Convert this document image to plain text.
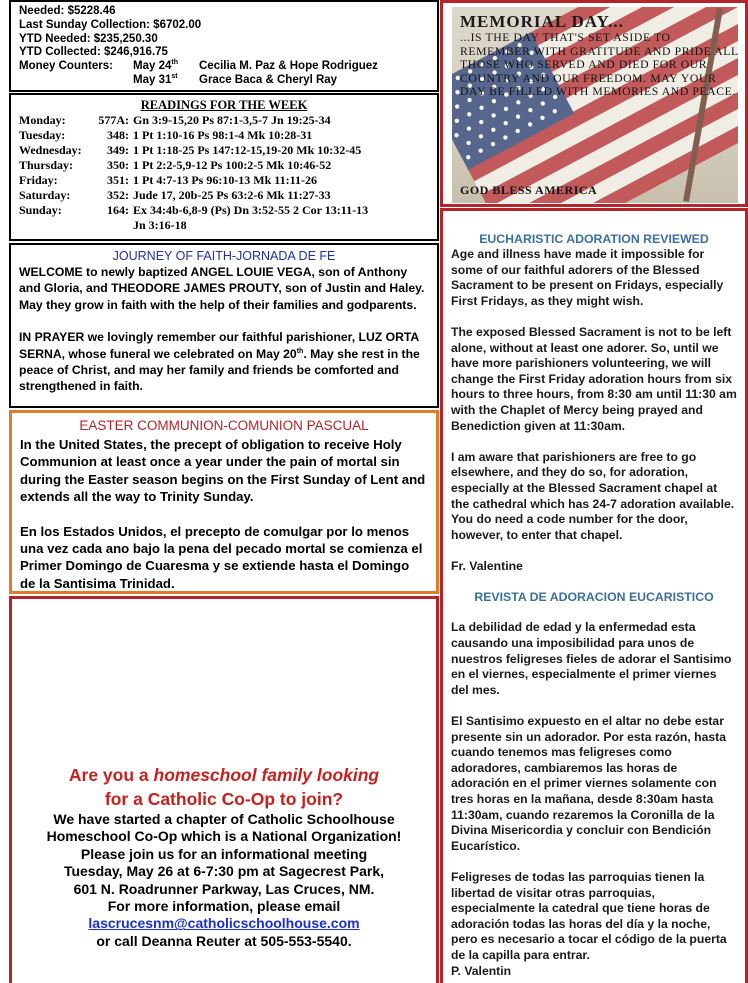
Needed: $5228.46
Last Sunday Collection: $6702.00
YTD Needed: $235,250.30
YTD Collected: $246,916.75
Money Counters:	May 24th	Cecilia M. Paz & Hope Rodriguez
May 31st	Grace Baca & Cheryl Ray
READINGS FOR THE WEEK
Monday:	577A: Gn 3:9-15,20 Ps 87:1-3,5-7 Jn 19:25-34
Tuesday:	348: 1 Pt 1:10-16 Ps 98:1-4 Mk 10:28-31
Wednesday:	349: 1 Pt 1:18-25 Ps 147:12-15,19-20 Mk 10:32-45
Thursday:	350: 1 Pt 2:2-5,9-12 Ps 100:2-5 Mk 10:46-52
Friday:	351: 1 Pt 4:7-13 Ps 96:10-13 Mk 11:11-26
Saturday:	352: Jude 17, 20b-25 Ps 63:2-6 Mk 11:27-33
Sunday:	164: Ex 34:4b-6,8-9 (Ps) Dn 3:52-55 2 Cor 13:11-13
Jn 3:16-18
JOURNEY OF FAITH-JORNADA DE FE

WELCOME to newly baptized ANGEL LOUIE VEGA, son of Anthony and Gloria, and THEODORE JAMES PROUTY, son of Justin and Haley. May they grow in faith with the help of their families and godparents.

IN PRAYER we lovingly remember our faithful parishioner, LUZ ORTA SERNA, whose funeral we celebrated on May 20th. May she rest in the peace of Christ, and may her family and friends be comforted and strengthened in faith.

EASTER COMMUNION-COMUNION PASCUAL

In the United States, the precept of obligation to receive Holy Communion at least once a year under the pain of mortal sin during the Easter season begins on the First Sunday of Lent and extends all the way to Trinity Sunday.

En los Estados Unidos, el precepto de comulgar por lo menos una vez cada ano bajo la pena del pecado mortal se comienza el Primer Domingo de Cuaresma y se extiende hasta el Domingo de la Santisima Trinidad.

Are you a homeschool family looking
for a Catholic Co-Op to join?
We have started a chapter of Catholic Schoolhouse
Homeschool Co-Op which is a National Organization!
Please join us for an informational meeting
Tuesday, May 26 at 6-7:30 pm at Sagecrest Park,
601 N. Roadrunner Parkway, Las Cruces, NM.
For more information, please email
lascrucesnm@catholicschoolhouse.com
or call Deanna Reuter at 505-553-5540.
MEMORIAL DAY...
...IS THE DAY THAT'S SET ASIDE TO REMEMBER WITH GRATITUDE AND PRIDE ALL THOSE WHO SERVED AND DIED FOR OUR COUNTRY AND OUR FREEDOM. MAY YOUR DAY BE FILLED WITH MEMORIES AND PEACE.
GOD BLESS AMERICA
EUCHARISTIC ADORATION REVIEWED

Age and illness have made it impossible for some of our faithful adorers of the Blessed Sacrament to be present on Fridays, especially First Fridays, as they might wish.

The exposed Blessed Sacrament is not to be left alone, without at least one adorer. So, until we have more parishioners volunteering, we will change the First Friday adoration hours from six hours to three hours, from 8:30 am until 11:30 am with the Chaplet of Mercy being prayed and Benediction given at 11:30am.

I am aware that parishioners are free to go elsewhere, and they do so, for adoration, especially at the Blessed Sacrament chapel at the cathedral which has 24-7 adoration available. You do need a code number for the door, however, to enter that chapel.

Fr. Valentine

REVISTA DE ADORACION EUCARISTICO

La debilidad de edad y la enfermedad esta causando una imposibilidad para unos de nuestros feligreses fieles de adorar el Santisimo en el viernes, especialmente el primer viernes del mes.

El Santisimo expuesto en el altar no debe estar presente sin un adorador. Por esta razón, hasta cuando tenemos mas feligreses como adoradores, cambiaremos las horas de adoración en el primer viernes solamente con tres horas en la mañana, desde 8:30am hasta 11:30am, cuando rezaremos la Coronilla de la Divina Misericordia y concluir con Bendición Eucarístico.

Feligreses de todas las parroquias tienen la libertad de visitar otras parroquias, especialmente la catedral que tiene horas de adoración todas las horas del día y la noche, pero es necesario a tocar el código de la puerta de la capilla para entrar.

P. Valentin
